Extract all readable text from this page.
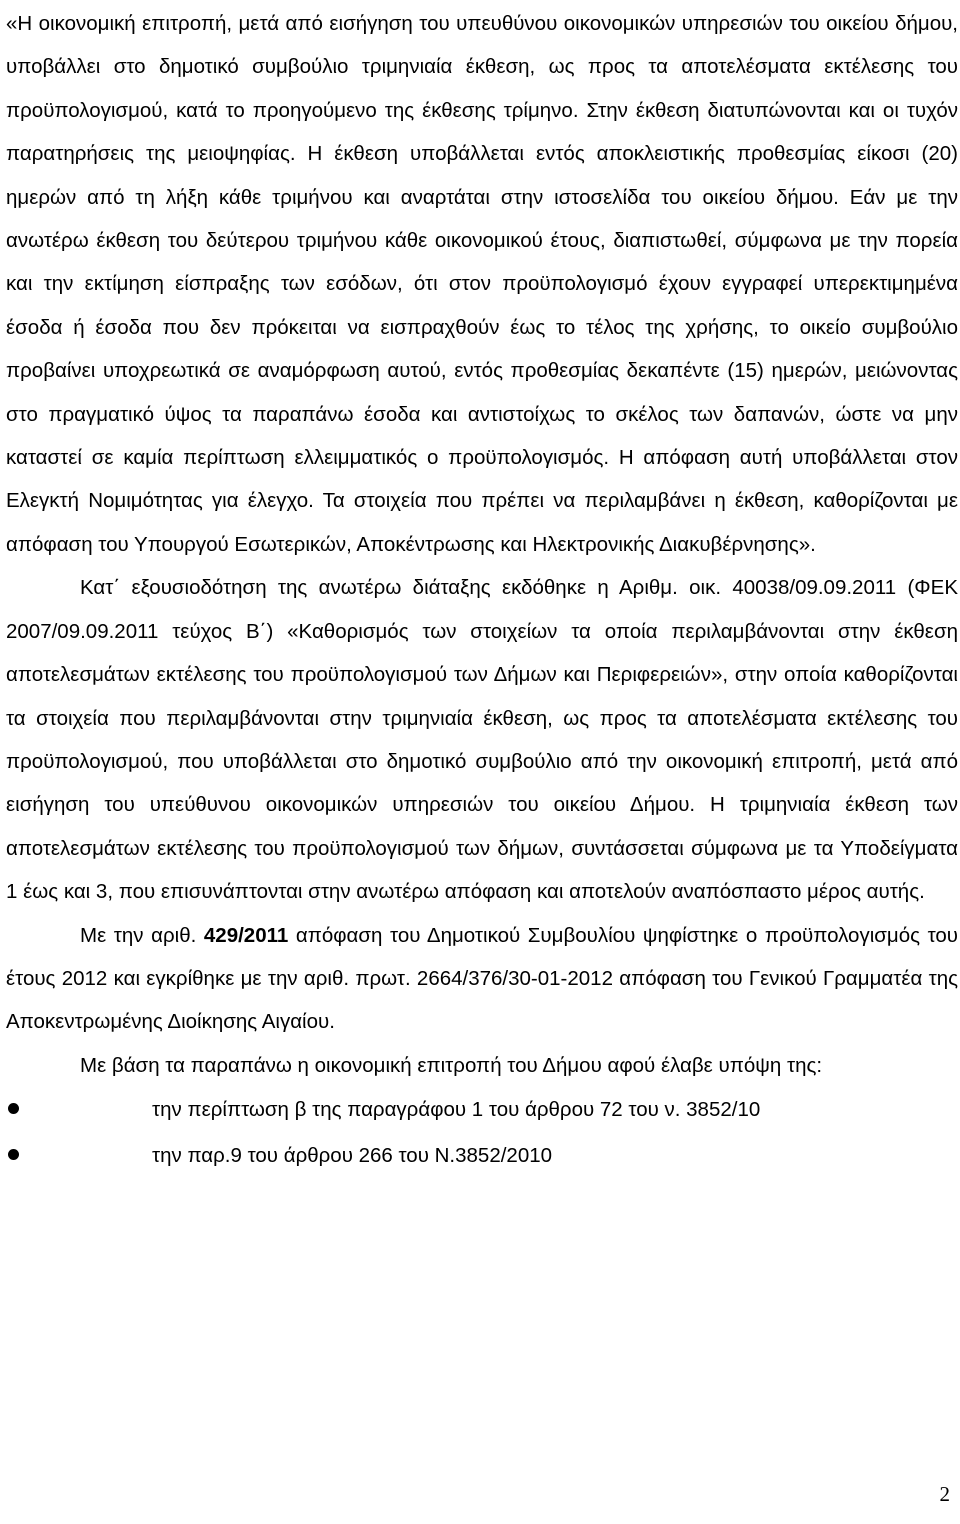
«Η οικονομική επιτροπή, μετά από εισήγηση του υπευθύνου οικονομικών υπηρεσιών του οικείου δήμου, υποβάλλει στο δημοτικό συμβούλιο τριμηνιαία έκθεση, ως προς τα αποτελέσματα εκτέλεσης του προϋπολογισμού, κατά το προηγούμενο της έκθεσης τρίμηνο. Στην έκθεση διατυπώνονται και οι τυχόν παρατηρήσεις της μειοψηφίας. Η έκθεση υποβάλλεται εντός αποκλειστικής προθεσμίας είκοσι (20) ημερών από τη λήξη κάθε τριμήνου και αναρτάται στην ιστοσελίδα του οικείου δήμου. Εάν με την ανωτέρω έκθεση του δεύτερου τριμήνου κάθε οικονομικού έτους, διαπιστωθεί, σύμφωνα με την πορεία και την εκτίμηση είσπραξης των εσόδων, ότι στον προϋπολογισμό έχουν εγγραφεί υπερεκτιμημένα έσοδα ή έσοδα που δεν πρόκειται να εισπραχθούν έως το τέλος της χρήσης, το οικείο συμβούλιο προβαίνει υποχρεωτικά σε αναμόρφωση αυτού, εντός προθεσμίας δεκαπέντε (15) ημερών, μειώνοντας στο πραγματικό ύψος τα παραπάνω έσοδα και αντιστοίχως το σκέλος των δαπανών, ώστε να μην καταστεί σε καμία περίπτωση ελλειμματικός ο προϋπολογισμός. Η απόφαση αυτή υποβάλλεται στον Ελεγκτή Νομιμότητας για έλεγχο. Τα στοιχεία που πρέπει να περιλαμβάνει η έκθεση, καθορίζονται με απόφαση του Υπουργού Εσωτερικών, Αποκέντρωσης και Ηλεκτρονικής Διακυβέρνησης».

Κατ΄ εξουσιοδότηση της ανωτέρω διάταξης εκδόθηκε η Αριθμ. οικ. 40038/09.09.2011 (ΦΕΚ 2007/09.09.2011 τεύχος Β΄) «Καθορισμός των στοιχείων τα οποία περιλαμβάνονται στην έκθεση αποτελεσμάτων εκτέλεσης του προϋπολογισμού των Δήμων και Περιφερειών», στην οποία καθορίζονται τα στοιχεία που περιλαμβάνονται στην τριμηνιαία έκθεση, ως προς τα αποτελέσματα εκτέλεσης του προϋπολογισμού, που υποβάλλεται στο δημοτικό συμβούλιο από την οικονομική επιτροπή, μετά από εισήγηση του υπεύθυνου οικονομικών υπηρεσιών του οικείου Δήμου. Η τριμηνιαία έκθεση των αποτελεσμάτων εκτέλεσης του προϋπολογισμού των δήμων, συντάσσεται σύμφωνα με τα Υποδείγματα 1 έως και 3, που επισυνάπτονται στην ανωτέρω απόφαση και αποτελούν αναπόσπαστο μέρος αυτής.

Με την αριθ. 429/2011 απόφαση του Δημοτικού Συμβουλίου ψηφίστηκε ο προϋπολογισμός του έτους 2012 και εγκρίθηκε με την αριθ. πρωτ. 2664/376/30-01-2012 απόφαση του Γενικού Γραμματέα της Αποκεντρωμένης Διοίκησης Αιγαίου.

Με βάση τα παραπάνω η οικονομική επιτροπή του Δήμου αφού έλαβε υπόψη της:

την περίπτωση β της παραγράφου 1 του άρθρου 72 του ν. 3852/10
την παρ.9 του άρθρου 266 του Ν.3852/2010
2
